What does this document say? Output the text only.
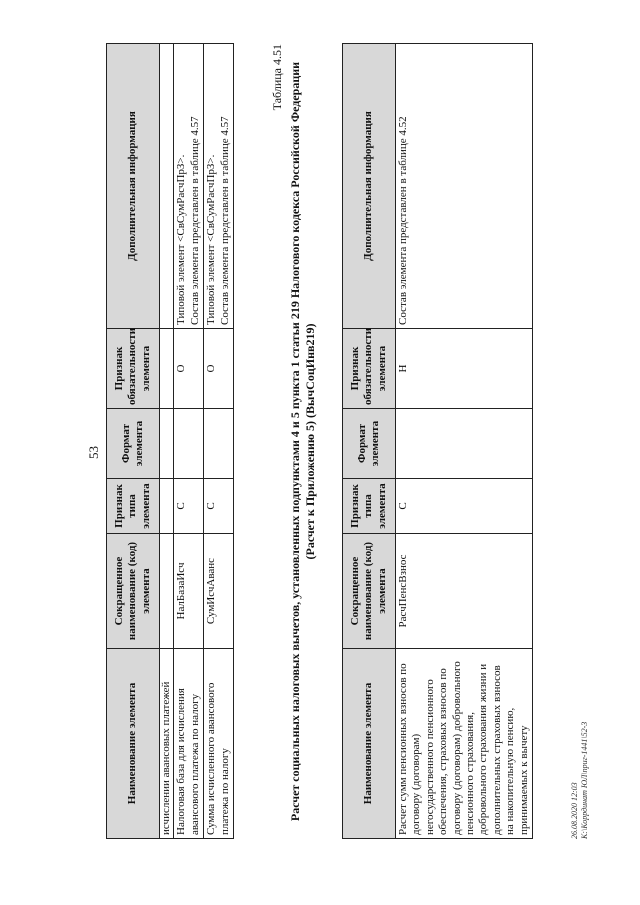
53
Наименование элемента	Сокращенное наименование (код) элемента	Признак типа элемента	Формат элемента	Признак обязательности элемента	Дополнительная информация
исчислении авансовых платежей					
Налоговая база для исчисления авансового платежа по налогу	НалБазаИсч	С		О	Типовой элемент <СвСумРасчПрЗ>. Состав элемента представлен в таблице 4.57

Сумма исчисленного авансового платежа по налогу	СумИсчАванс	С		О	Типовой элемент <СвСумРасчПрЗ>. Состав элемента представлен в таблице 4.57
Таблица 4.51 Расчет социальных налоговых вычетов, установленных подпунктами 4 и 5 пункта 1 статьи 219 Налогового кодекса Российской Федерации (Расчет к Приложению 5) (ВычСоцИнв219)
Наименование элемента	Сокращенное наименование (код) элемента	Признак типа элемента	Формат элемента	Признак обязательности элемента	Дополнительная информация
Расчет сумм пенсионных взносов по договору (договорам) негосударственного пенсионного обеспечения, страховых взносов по договору (договорам) добровольного пенсионного страхования, добровольного страхования жизни и дополнительных страховых взносов на накопительную пенсию, принимаемых к вычету	РасчПенсВзнос	С		Н	Состав элемента представлен в таблице 4.52
26.08.2020 12:03 К:\Коррдинат ЮЛ\приг-1441\52-3
